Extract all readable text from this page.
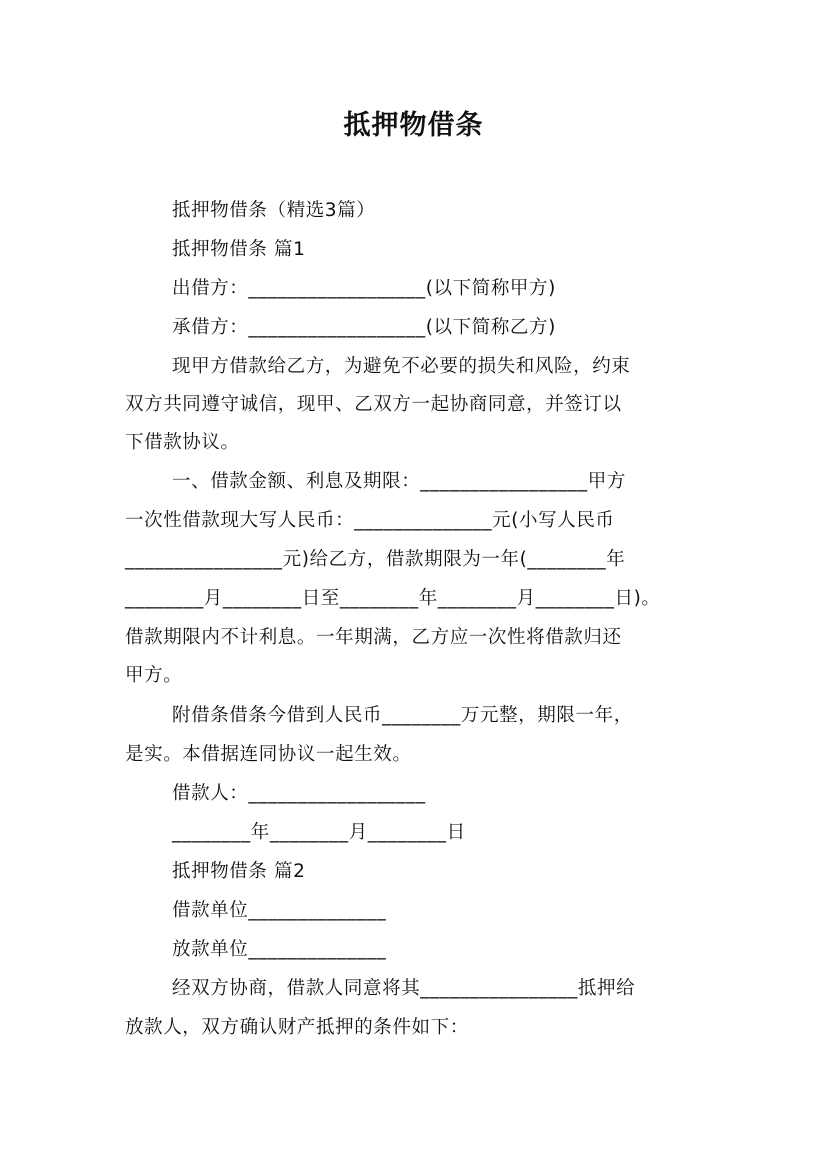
抵押物借条
抵押物借条（精选3篇）
抵押物借条 篇1
出借方：__________________(以下简称甲方)
承借方：__________________(以下简称乙方)
现甲方借款给乙方，为避免不必要的损失和风险，约束
双方共同遵守诚信，现甲、乙双方一起协商同意，并签订以
下借款协议。
一、借款金额、利息及期限：_________________甲方
一次性借款现大写人民币：______________元(小写人民币
________________元)给乙方，借款期限为一年(________年
________月________日至________年________月________日)。
借款期限内不计利息。一年期满，乙方应一次性将借款归还
甲方。
附借条借条今借到人民币________万元整，期限一年，
是实。本借据连同协议一起生效。
借款人：__________________
________年________月________日
抵押物借条 篇2
借款单位______________
放款单位______________
经双方协商，借款人同意将其________________抵押给
放款人，双方确认财产抵押的条件如下：
